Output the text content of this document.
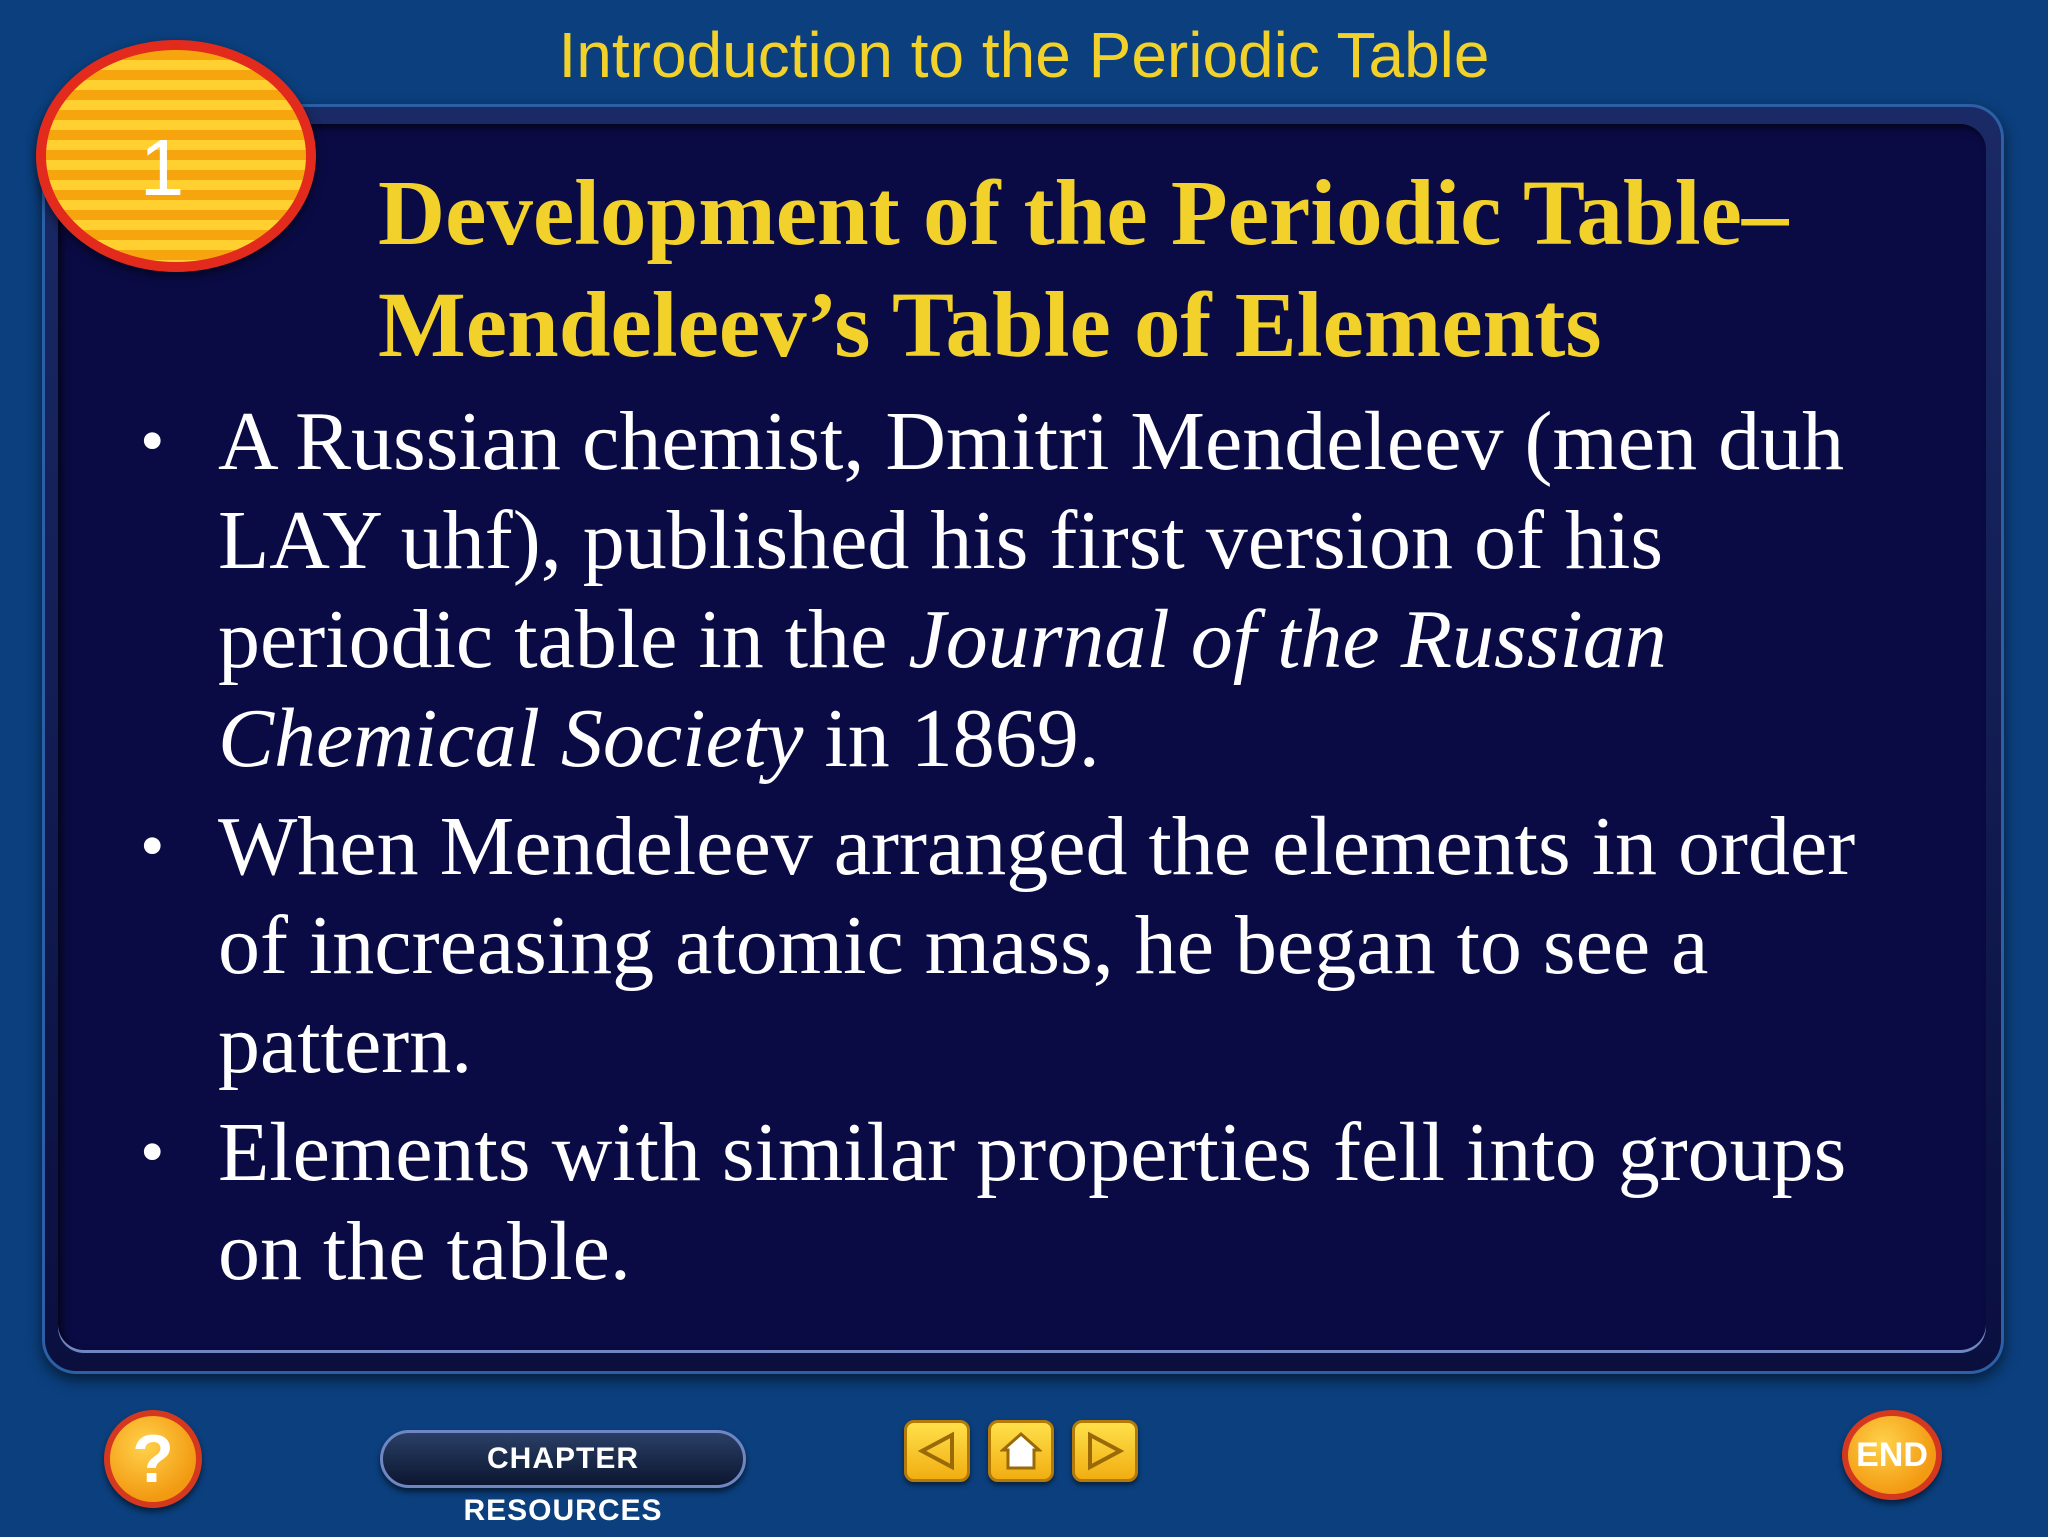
Introduction to the Periodic Table
1	Development of the Periodic Table–
Mendeleev’s Table of Elements
• A Russian chemist, Dmitri Mendeleev (men duh LAY uhf), published his first version of his periodic table in the Journal of the Russian Chemical Society in 1869.
• When Mendeleev arranged the elements in order of increasing atomic mass, he began to see a pattern.
• Elements with similar properties fell into groups on the table.
?	CHAPTER RESOURCES
END
